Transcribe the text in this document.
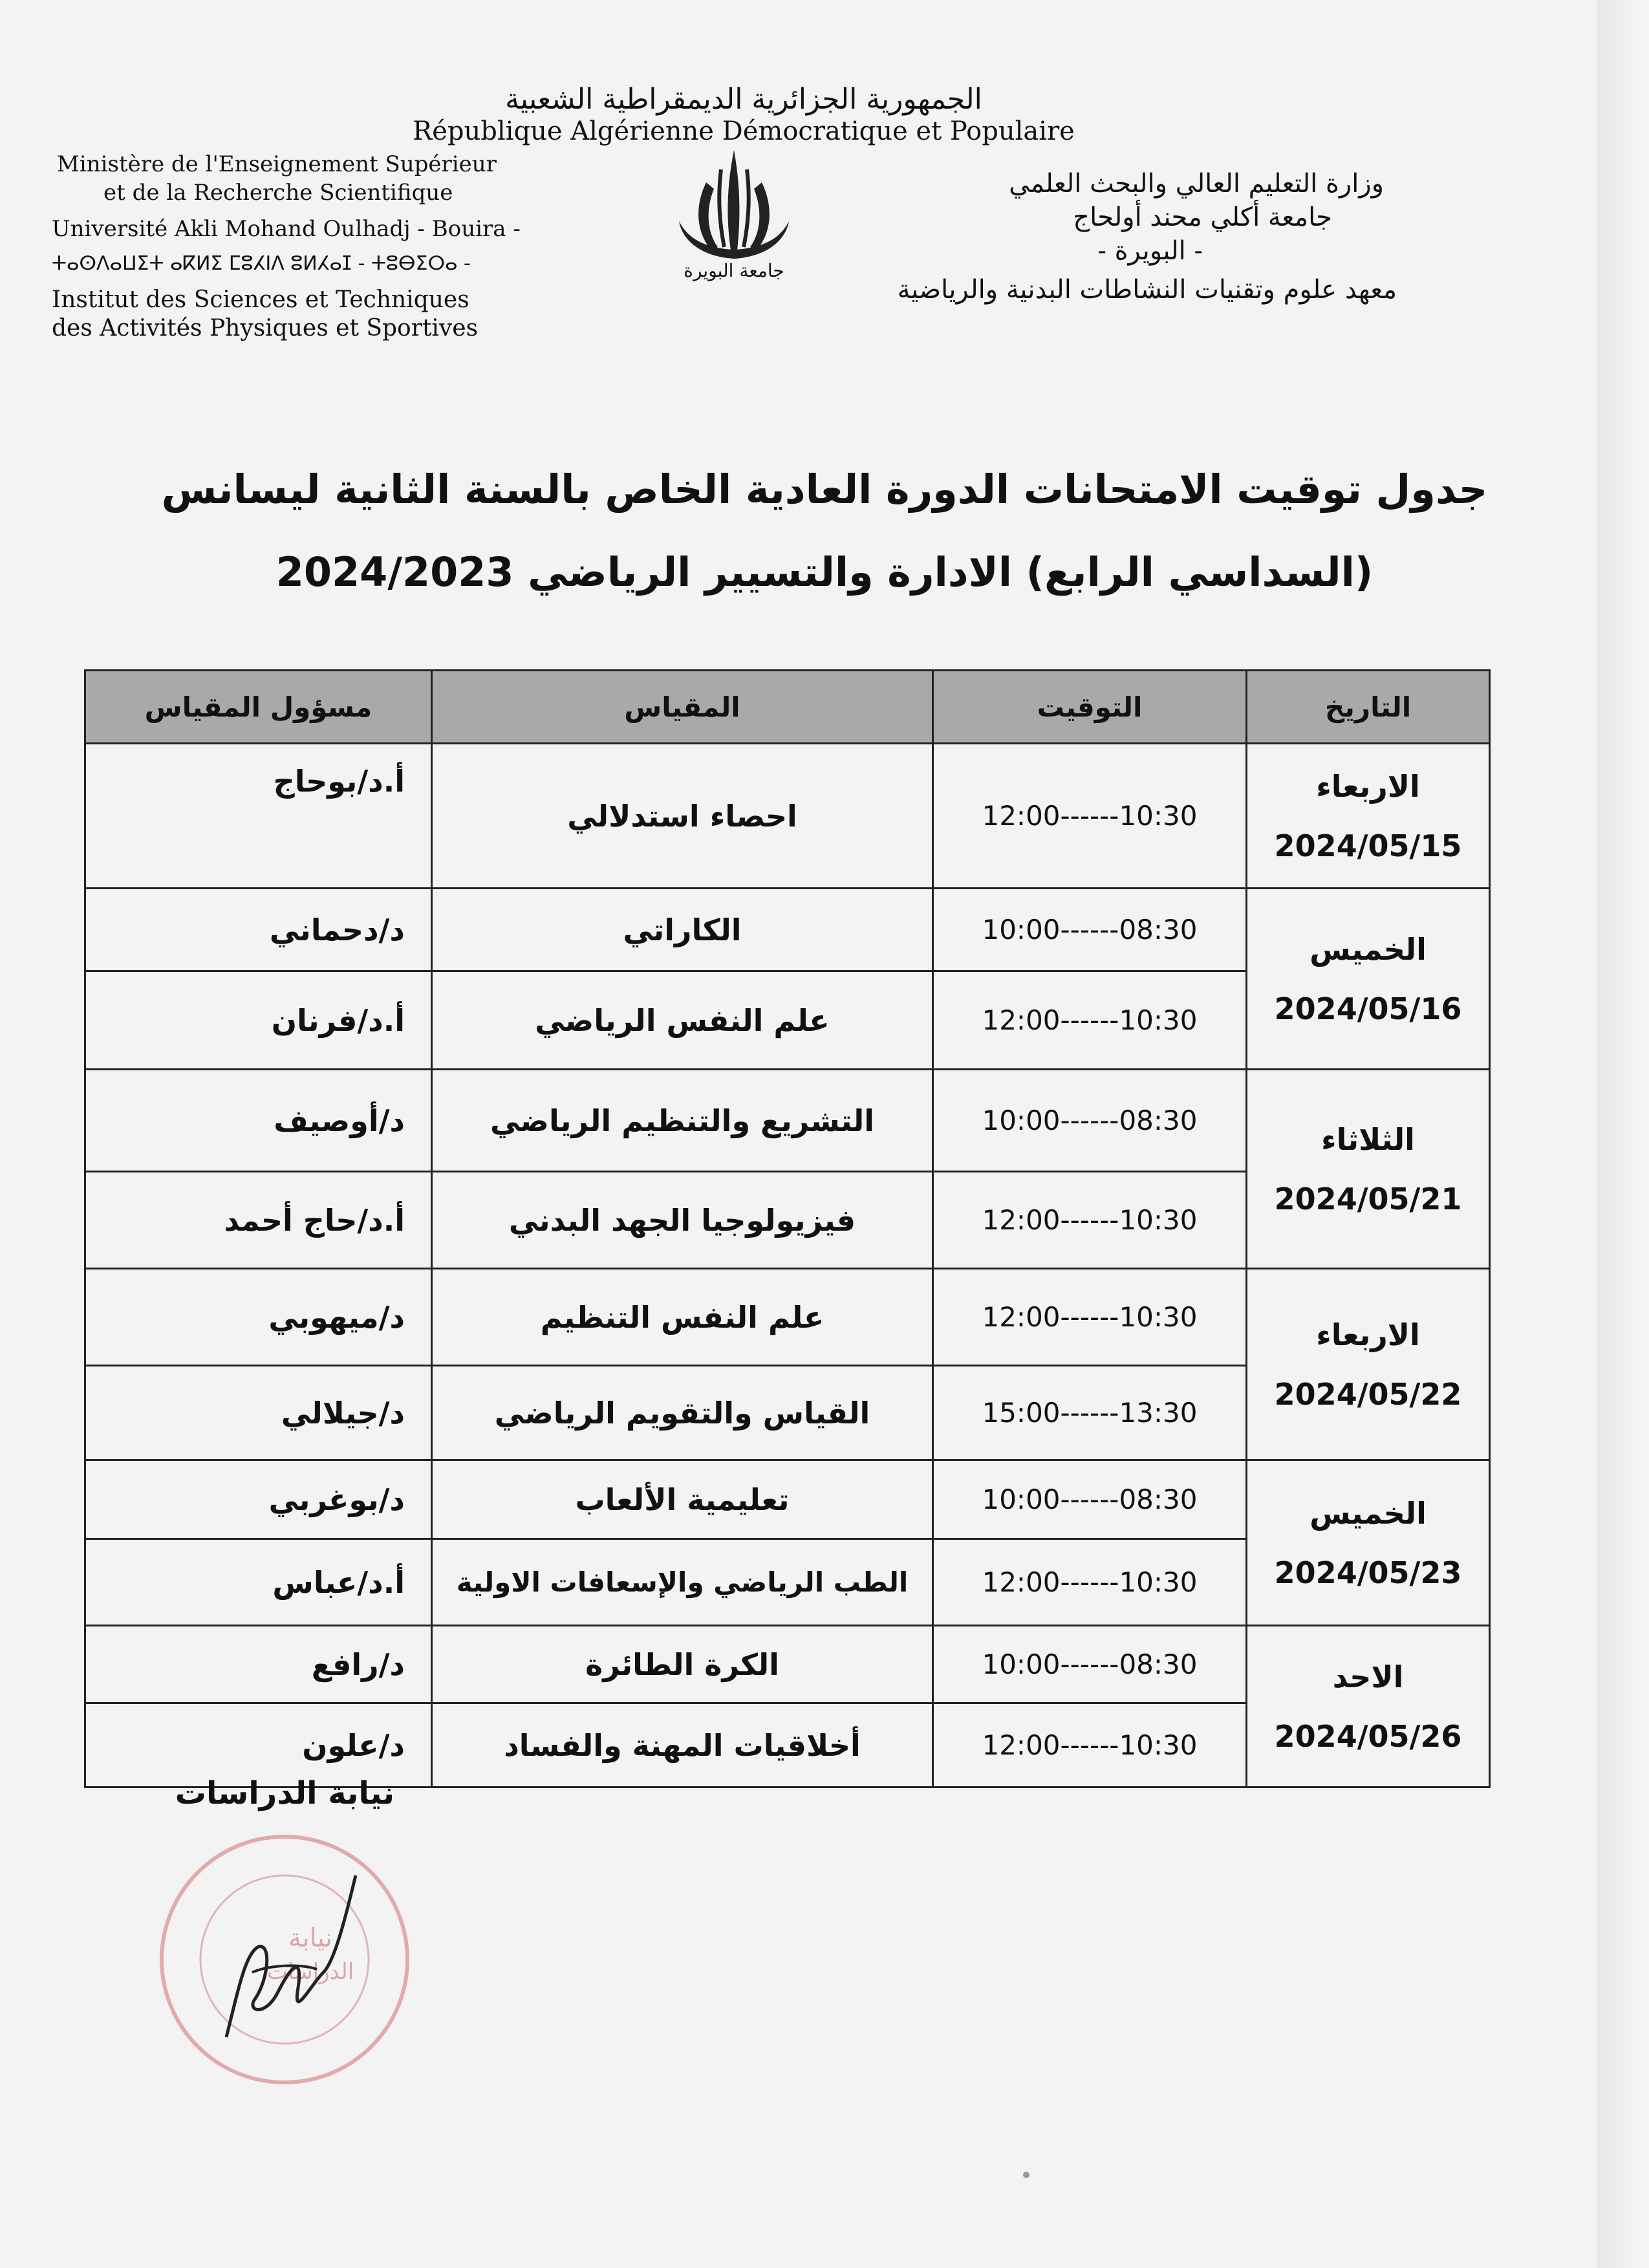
الجمهورية الجزائرية الديمقراطية الشعبية
République Algérienne Démocratique et Populaire
Ministère de l'Enseignement Supérieur
et de la Recherche Scientifique
Université Akli Mohand Oulhadj - Bouira -
ⵜⴰⵙⴷⴰⵡⵉⵜ ⴰⴽⵍⵉ ⵎⵓⵃⵏⴷ ⵓⵍⵃⴰⵊ - ⵜⵓⴱⵉⵔⴰ -
Institut des Sciences et Techniques
des Activités Physiques et Sportives
جامعة البويرة
وزارة التعليم العالي والبحث العلمي
جامعة أكلي محند أولحاج
- البويرة -
معهد علوم وتقنيات النشاطات البدنية والرياضية
جدول توقيت الامتحانات الدورة العادية الخاص بالسنة الثانية ليسانس
(السداسي الرابع) الادارة والتسيير الرياضي 2024/2023
التاريخ	التوقيت	المقياس	مسؤول المقياس

الاربعاء
2024/05/15	12:00------10:30	احصاء استدلالي	أ.د/بوحاج

الخميس
2024/05/16	10:00------08:30	الكاراتي	د/دحماني
	12:00------10:30	علم النفس الرياضي	أ.د/فرنان

الثلاثاء
2024/05/21	10:00------08:30	التشريع والتنظيم الرياضي	د/أوصيف
	12:00------10:30	فيزيولوجيا الجهد البدني	أ.د/حاج أحمد

الاربعاء
2024/05/22	12:00------10:30	علم النفس التنظيم	د/ميهوبي
	15:00------13:30	القياس والتقويم الرياضي	د/جيلالي

الخميس
2024/05/23	10:00------08:30	تعليمية الألعاب	د/بوغربي
	12:00------10:30	الطب الرياضي والإسعافات الاولية	أ.د/عباس

الاحد
2024/05/26	10:00------08:30	الكرة الطائرة	د/رافع
	12:00------10:30	أخلاقيات المهنة والفساد	د/علون
نيابة الدراسات
نيابة
الدراسات
